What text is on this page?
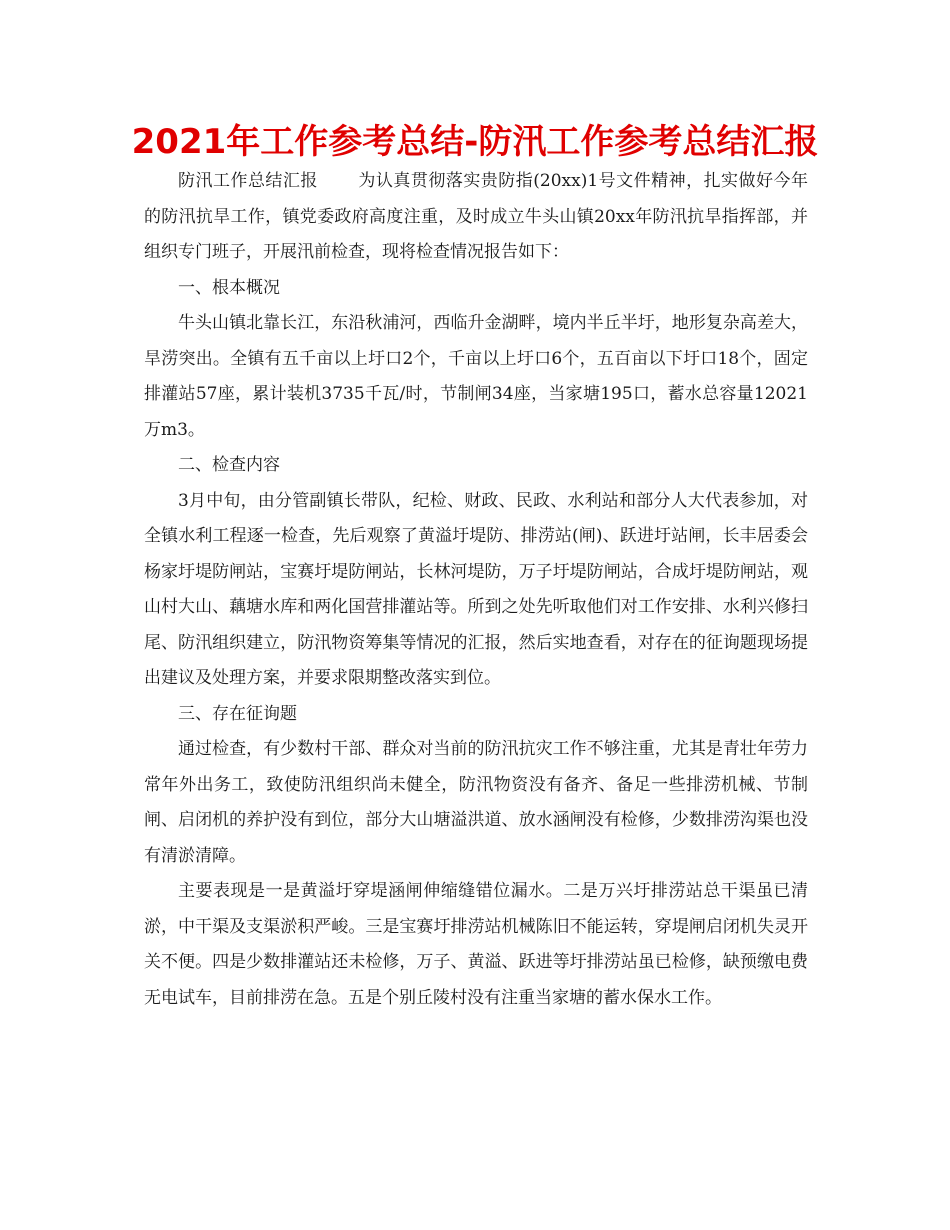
2021年工作参考总结-防汛工作参考总结汇报

防汛工作总结汇报 为认真贯彻落实贵防指(20xx)1号文件精神，扎实做好今年的防汛抗旱工作，镇党委政府高度注重，及时成立牛头山镇20xx年防汛抗旱指挥部，并组织专门班子，开展汛前检查，现将检查情况报告如下：

一、根本概况

牛头山镇北靠长江，东沿秋浦河，西临升金湖畔，境内半丘半圩，地形复杂高差大，旱涝突出。全镇有五千亩以上圩口2个，千亩以上圩口6个，五百亩以下圩口18个，固定排灌站57座，累计装机3735千瓦/时，节制闸34座，当家塘195口，蓄水总容量12021万m3。

二、检查内容

3月中旬，由分管副镇长带队，纪检、财政、民政、水利站和部分人大代表参加，对全镇水利工程逐一检查，先后观察了黄溢圩堤防、排涝站(闸)、跃进圩站闸，长丰居委会杨家圩堤防闸站，宝赛圩堤防闸站，长林河堤防，万子圩堤防闸站，合成圩堤防闸站，观山村大山、藕塘水库和两化国营排灌站等。所到之处先听取他们对工作安排、水利兴修扫尾、防汛组织建立，防汛物资筹集等情况的汇报，然后实地查看，对存在的征询题现场提出建议及处理方案，并要求限期整改落实到位。

三、存在征询题

通过检查，有少数村干部、群众对当前的防汛抗灾工作不够注重，尤其是青壮年劳力常年外出务工，致使防汛组织尚未健全，防汛物资没有备齐、备足一些排涝机械、节制闸、启闭机的养护没有到位，部分大山塘溢洪道、放水涵闸没有检修，少数排涝沟渠也没有清淤清障。

主要表现是一是黄溢圩穿堤涵闸伸缩缝错位漏水。二是万兴圩排涝站总干渠虽已清淤，中干渠及支渠淤积严峻。三是宝赛圩排涝站机械陈旧不能运转，穿堤闸启闭机失灵开关不便。四是少数排灌站还未检修，万子、黄溢、跃进等圩排涝站虽已检修，缺预缴电费无电试车，目前排涝在急。五是个别丘陵村没有注重当家塘的蓄水保水工作。
